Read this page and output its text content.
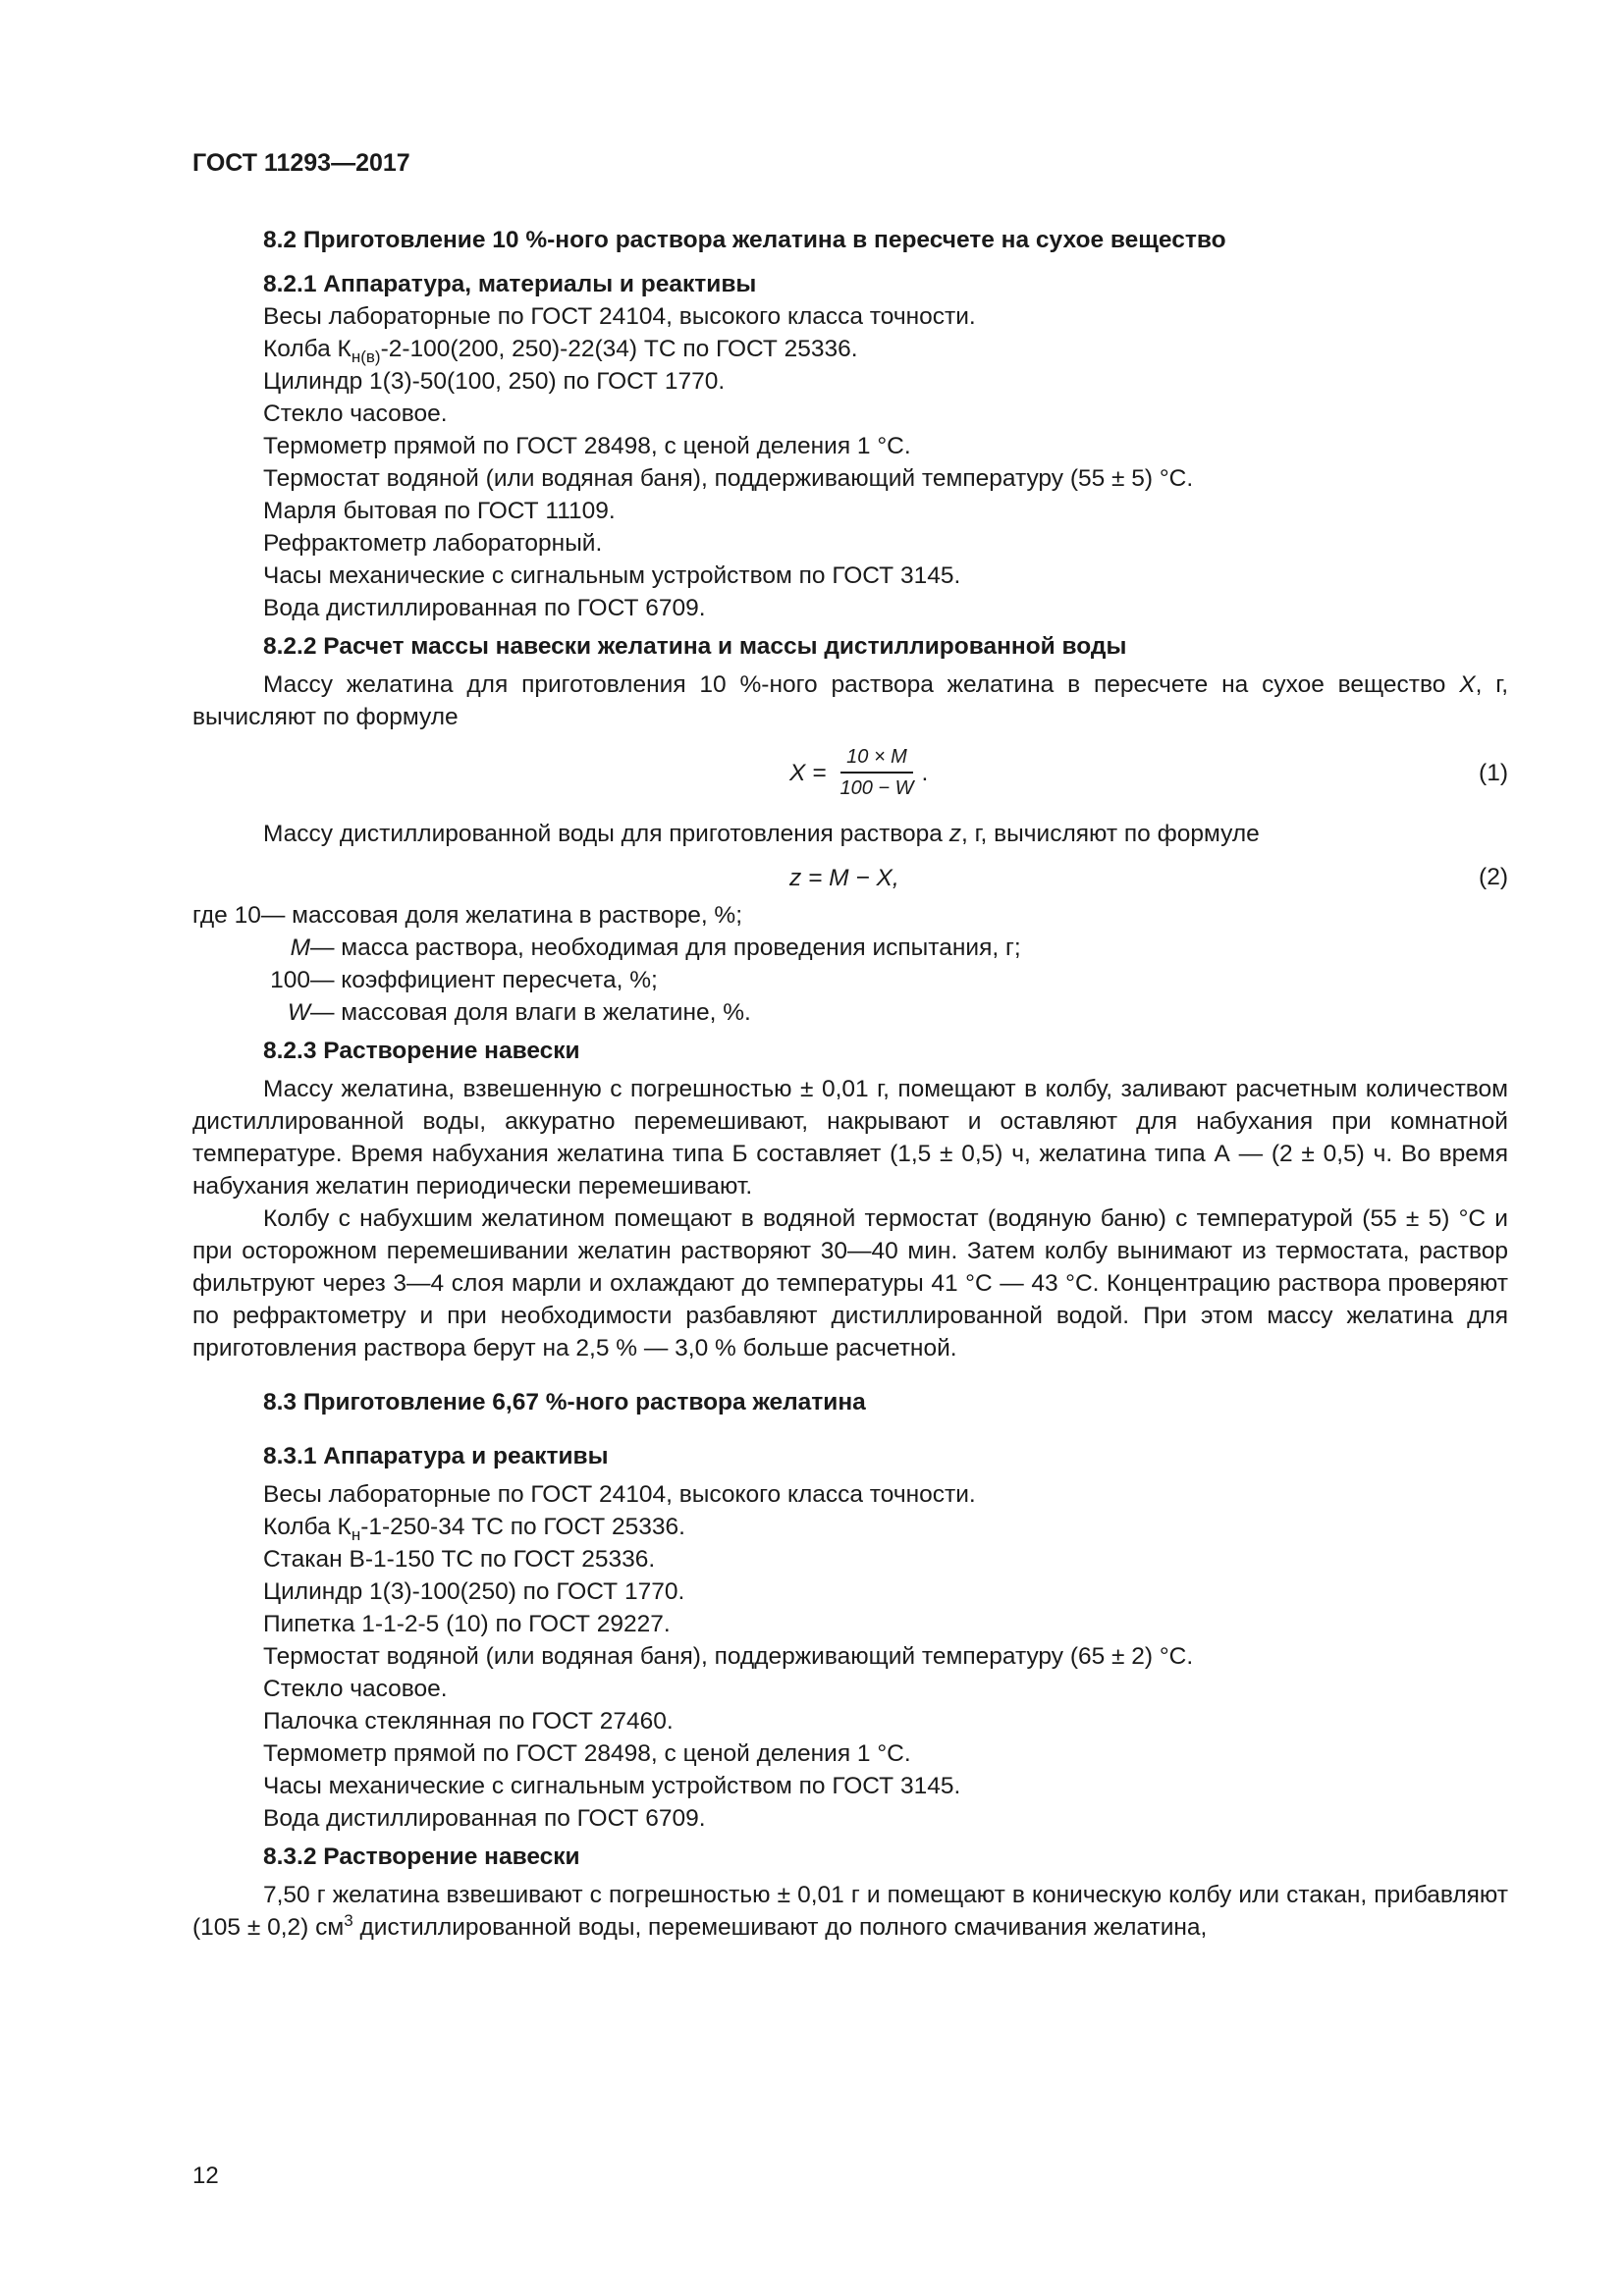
ГОСТ 11293—2017

8.2 Приготовление 10 %-ного раствора желатина в пересчете на сухое вещество

8.2.1 Аппаратура, материалы и реактивы

Весы лабораторные по ГОСТ 24104, высокого класса точности.

Колба $К_{н(в)}-2-100(200$, 250)-22(34) ТС по ГОСТ 25336.

Цилиндр 1(3)-50(100, 250) по ГОСТ 1770.

Стекло часовое.

Термометр прямой по ГОСТ 28498, с ценой деления 1 °С.

Термостат водяной (или водяная баня), поддерживающий температуру (55 ± 5) °С.

Марля бытовая по ГОСТ 11109.

Рефрактометр лабораторный.

Часы механические с сигнальным устройством по ГОСТ 3145.

Вода дистиллированная по ГОСТ 6709.

8.2.2 Расчет массы навески желатина и массы дистиллированной воды

Массу желатина для приготовления 10 %-ного раствора желатина в пересчете на сухое вещество X, г, вычисляют по формуле

$X = \frac{10 \times M}{100 - W}$ .	(1)

Массу дистиллированной воды для приготовления раствора z, г, вычисляют по формуле

z = M − X,	(2)
где 10 — массовая доля желатина в растворе, %;
M — масса раствора, необходимая для проведения испытания, г;
100 — коэффициент пересчета, %;
W — массовая доля влаги в желатине, %.

8.2.3 Растворение навески

Массу желатина, взвешенную с погрешностью ± 0,01 г, помещают в колбу, заливают расчетным количеством дистиллированной воды, аккуратно перемешивают, накрывают и оставляют для набухания при комнатной температуре. Время набухания желатина типа Б составляет (1,5 ± 0,5) ч, желатина типа А — (2 ± 0,5) ч. Во время набухания желатин периодически перемешивают.

Колбу с набухшим желатином помещают в водяной термостат (водяную баню) с температурой (55 ± 5) °С и при осторожном перемешивании желатин растворяют 30—40 мин. Затем колбу вынимают из термостата, раствор фильтруют через 3—4 слоя марли и охлаждают до температуры 41 °С — 43 °С. Концентрацию раствора проверяют по рефрактометру и при необходимости разбавляют дистиллированной водой. При этом массу желатина для приготовления раствора берут на 2,5 % — 3,0 % больше расчетной.

8.3 Приготовление 6,67 %-ного раствора желатина

8.3.1 Аппаратура и реактивы

Весы лабораторные по ГОСТ 24104, высокого класса точности.

Колба $К_н-1-250-34$ ТС по ГОСТ 25336.

Стакан В-1-150 ТС по ГОСТ 25336.

Цилиндр 1(3)-100(250) по ГОСТ 1770.

Пипетка 1-1-2-5 (10) по ГОСТ 29227.

Термостат водяной (или водяная баня), поддерживающий температуру (65 ± 2) °С.

Стекло часовое.

Палочка стеклянная по ГОСТ 27460.

Термометр прямой по ГОСТ 28498, с ценой деления 1 °С.

Часы механические с сигнальным устройством по ГОСТ 3145.

Вода дистиллированная по ГОСТ 6709.

8.3.2 Растворение навески

7,50 г желатина взвешивают с погрешностью ± 0,01 г и помещают в коническую колбу или стакан, прибавляют (105 ± 0,2) $см^3$ дистиллированной воды, перемешивают до полного смачивания желатина,

12
